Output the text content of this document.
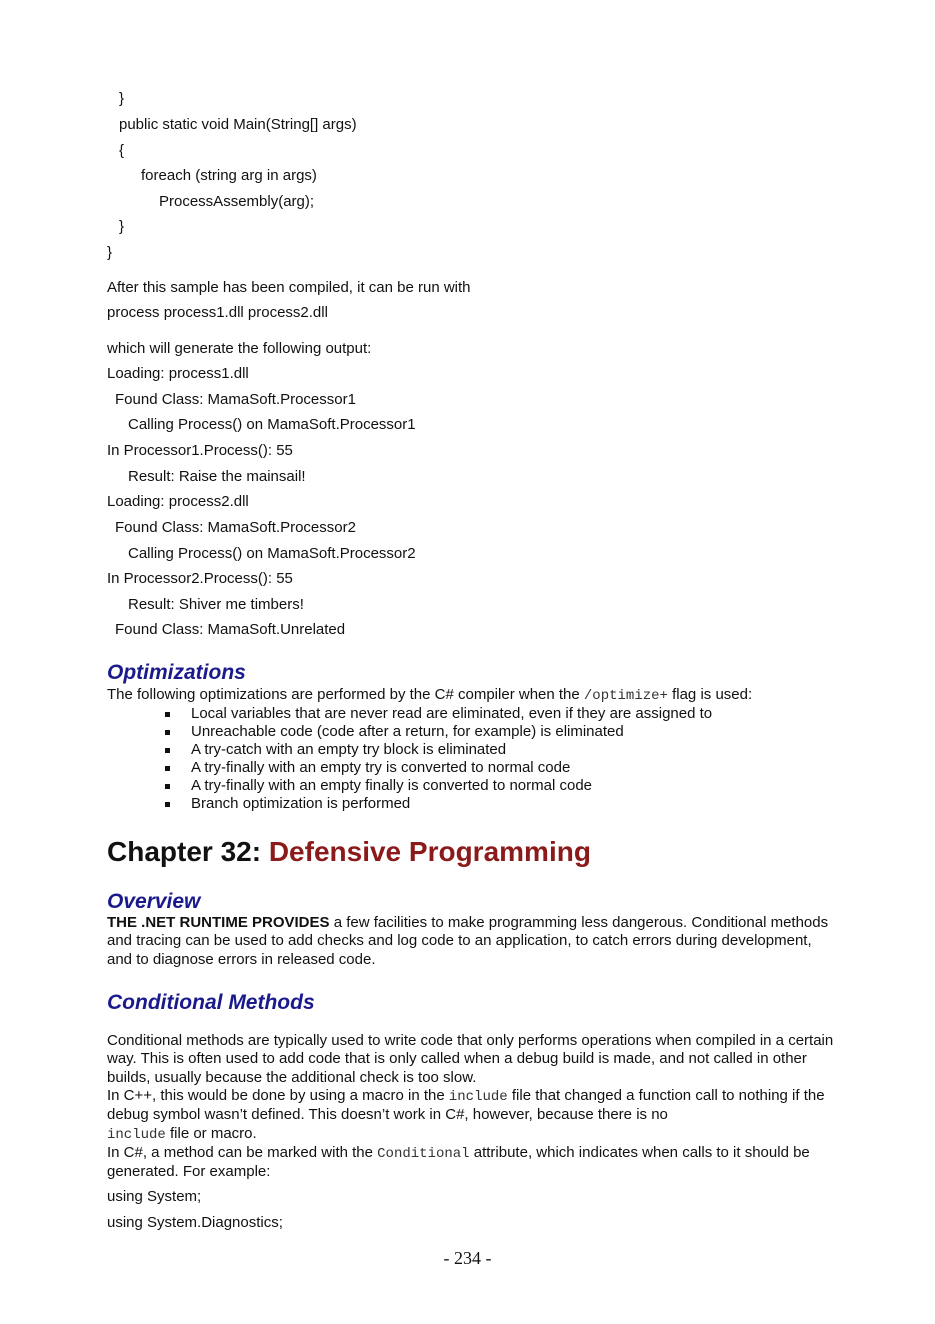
}
public static void Main(String[] args)
{
foreach (string arg in args)
ProcessAssembly(arg);
}
}
After this sample has been compiled, it can be run with
process process1.dll process2.dll
which will generate the following output:
Loading: process1.dll
Found Class: MamaSoft.Processor1
Calling Process() on MamaSoft.Processor1
In Processor1.Process(): 55
Result: Raise the mainsail!
Loading: process2.dll
Found Class: MamaSoft.Processor2
Calling Process() on MamaSoft.Processor2
In Processor2.Process(): 55
Result: Shiver me timbers!
Found Class: MamaSoft.Unrelated
Optimizations
The following optimizations are performed by the C# compiler when the /optimize+ flag is used:
Local variables that are never read are eliminated, even if they are assigned to
Unreachable code (code after a return, for example) is eliminated
A try-catch with an empty try block is eliminated
A try-finally with an empty try is converted to normal code
A try-finally with an empty finally is converted to normal code
Branch optimization is performed
Chapter 32: Defensive Programming
Overview
THE .NET RUNTIME PROVIDES a few facilities to make programming less dangerous. Conditional methods and tracing can be used to add checks and log code to an application, to catch errors during development, and to diagnose errors in released code.
Conditional Methods
Conditional methods are typically used to write code that only performs operations when compiled in a certain way. This is often used to add code that is only called when a debug build is made, and not called in other builds, usually because the additional check is too slow.
In C++, this would be done by using a macro in the include file that changed a function call to nothing if the debug symbol wasn’t defined. This doesn’t work in C#, however, because there is no
include file or macro.
In C#, a method can be marked with the Conditional attribute, which indicates when calls to it should be generated. For example:
using System;
using System.Diagnostics;
- 234 -
